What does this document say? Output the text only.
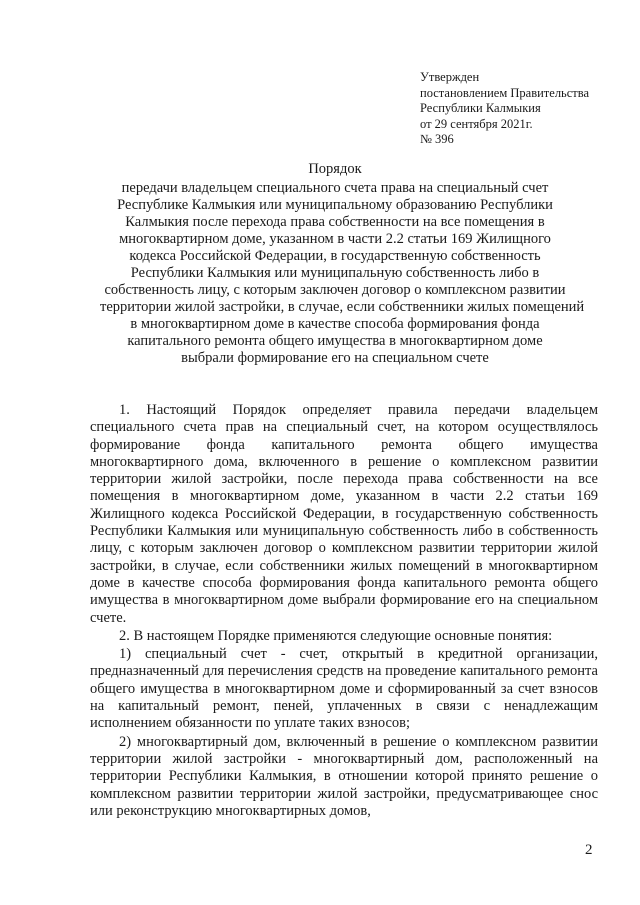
Утвержден
постановлением Правительства
Республики Калмыкия
от 29 сентября 2021г.
№ 396
Порядок
передачи владельцем специального счета права на специальный счет
Республике Калмыкия или муниципальному образованию Республики
Калмыкия после перехода права собственности на все помещения в
многоквартирном доме, указанном в части 2.2 статьи 169 Жилищного
кодекса Российской Федерации, в государственную собственность
Республики Калмыкия или муниципальную собственность либо в
собственность лицу, с которым заключен договор о комплексном развитии
территории жилой застройки, в случае, если собственники жилых помещений
в многоквартирном доме в качестве способа формирования фонда
капитального ремонта общего имущества в многоквартирном доме
выбрали формирование его на специальном счете

1. Настоящий Порядок определяет правила передачи владельцем специального счета прав на специальный счет, на котором осуществлялось формирование фонда капитального ремонта общего имущества многоквартирного дома, включенного в решение о комплексном развитии территории жилой застройки, после перехода права собственности на все помещения в многоквартирном доме, указанном в части 2.2 статьи 169 Жилищного кодекса Российской Федерации, в государственную собственность Республики Калмыкия или муниципальную собственность либо в собственность лицу, с которым заключен договор о комплексном развитии территории жилой застройки, в случае, если собственники жилых помещений в многоквартирном доме в качестве способа формирования фонда капитального ремонта общего имущества в многоквартирном доме выбрали формирование его на специальном счете.

2. В настоящем Порядке применяются следующие основные понятия:

1) специальный счет - счет, открытый в кредитной организации, предназначенный для перечисления средств на проведение капитального ремонта общего имущества в многоквартирном доме и сформированный за счет взносов на капитальный ремонт, пеней, уплаченных в связи с ненадлежащим исполнением обязанности по уплате таких взносов;

2) многоквартирный дом, включенный в решение о комплексном развитии территории жилой застройки - многоквартирный дом, расположенный на территории Республики Калмыкия, в отношении которой принято решение о комплексном развитии территории жилой застройки, предусматривающее снос или реконструкцию многоквартирных домов,

2
